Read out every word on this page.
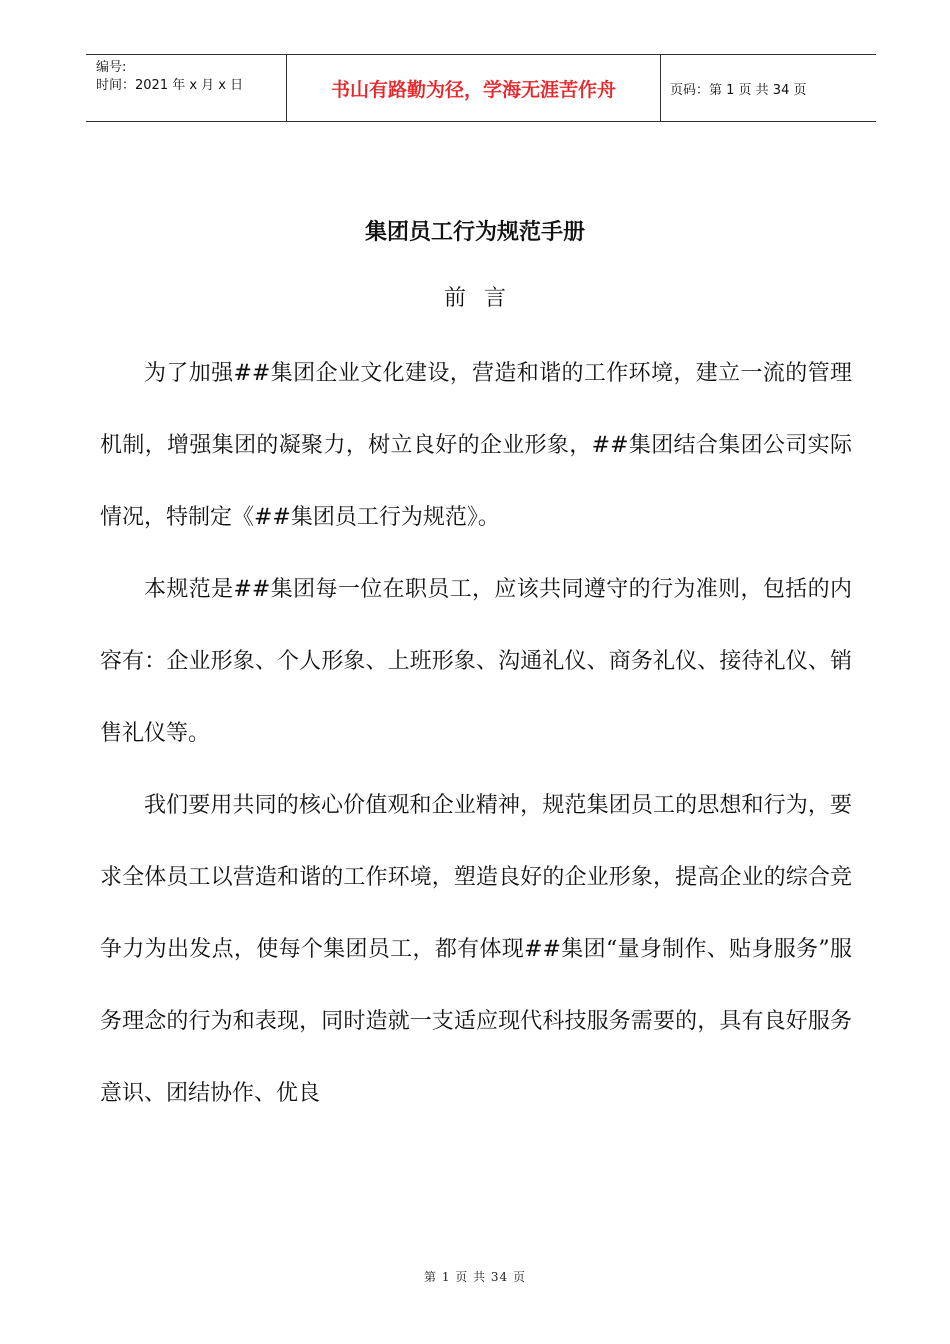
编号:
时间：2021 年 x 月 x 日	书山有路勤为径，学海无涯苦作舟	页码：第 1 页 共 34 页
集团员工行为规范手册
前言

为了加强##集团企业文化建设，营造和谐的工作环境，建立一流的管理机制，增强集团的凝聚力，树立良好的企业形象，##集团结合集团公司实际情况，特制定《##集团员工行为规范》。

本规范是##集团每一位在职员工，应该共同遵守的行为准则，包括的内容有：企业形象、个人形象、上班形象、沟通礼仪、商务礼仪、接待礼仪、销售礼仪等。

我们要用共同的核心价值观和企业精神，规范集团员工的思想和行为，要求全体员工以营造和谐的工作环境，塑造良好的企业形象，提高企业的综合竞争力为出发点，使每个集团员工，都有体现##集团“量身制作、贴身服务”服务理念的行为和表现，同时造就一支适应现代科技服务需要的，具有良好服务意识、团结协作、优良

第 1 页 共 34 页
